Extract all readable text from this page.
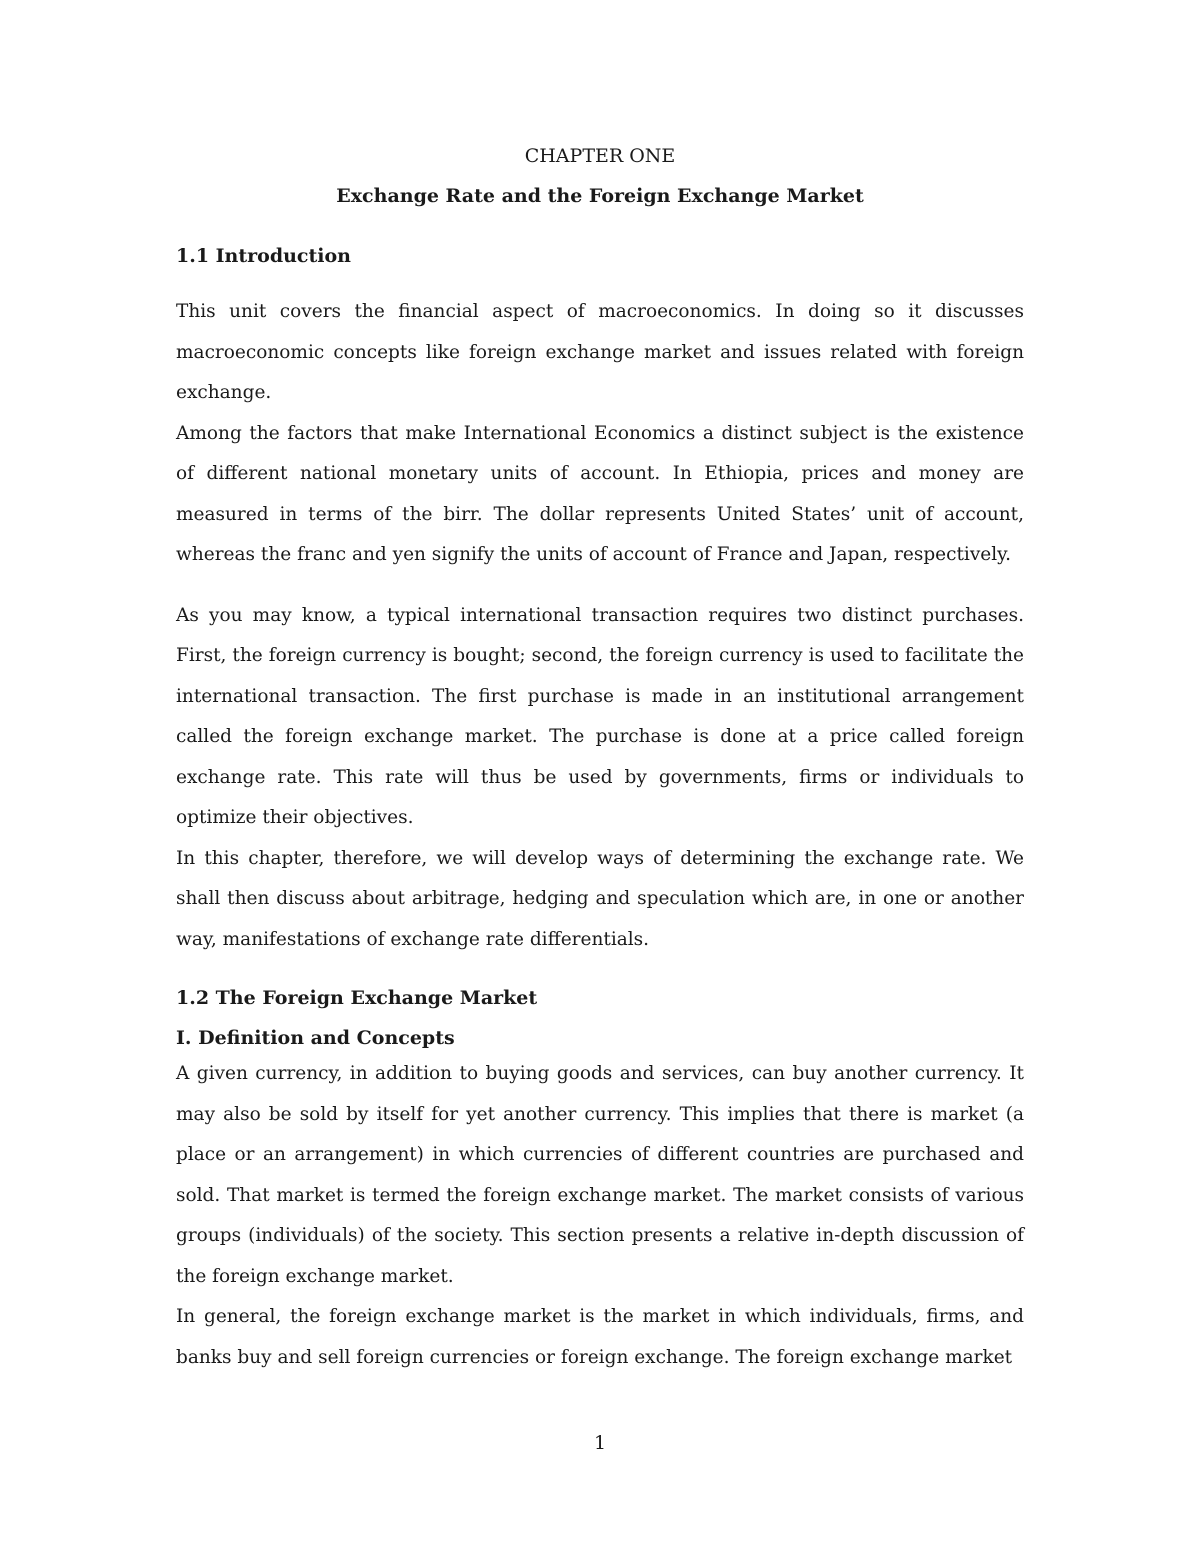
CHAPTER ONE
Exchange Rate and the Foreign Exchange Market
1.1 Introduction

This unit covers the financial aspect of macroeconomics. In doing so it discusses macroeconomic concepts like foreign exchange market and issues related with foreign exchange.

Among the factors that make International Economics a distinct subject is the existence of different national monetary units of account. In Ethiopia, prices and money are measured in terms of the birr. The dollar represents United States’ unit of account, whereas the franc and yen signify the units of account of France and Japan, respectively.

As you may know, a typical international transaction requires two distinct purchases. First, the foreign currency is bought; second, the foreign currency is used to facilitate the international transaction. The first purchase is made in an institutional arrangement called the foreign exchange market. The purchase is done at a price called foreign exchange rate. This rate will thus be used by governments, firms or individuals to optimize their objectives.

In this chapter, therefore, we will develop ways of determining the exchange rate. We shall then discuss about arbitrage, hedging and speculation which are, in one or another way, manifestations of exchange rate differentials.

1.2 The Foreign Exchange Market
I. Definition and Concepts

A given currency, in addition to buying goods and services, can buy another currency. It may also be sold by itself for yet another currency. This implies that there is market (a place or an arrangement) in which currencies of different countries are purchased and sold. That market is termed the foreign exchange market. The market consists of various groups (individuals) of the society. This section presents a relative in-depth discussion of the foreign exchange market.

In general, the foreign exchange market is the market in which individuals, firms, and banks buy and sell foreign currencies or foreign exchange. The foreign exchange market

1
